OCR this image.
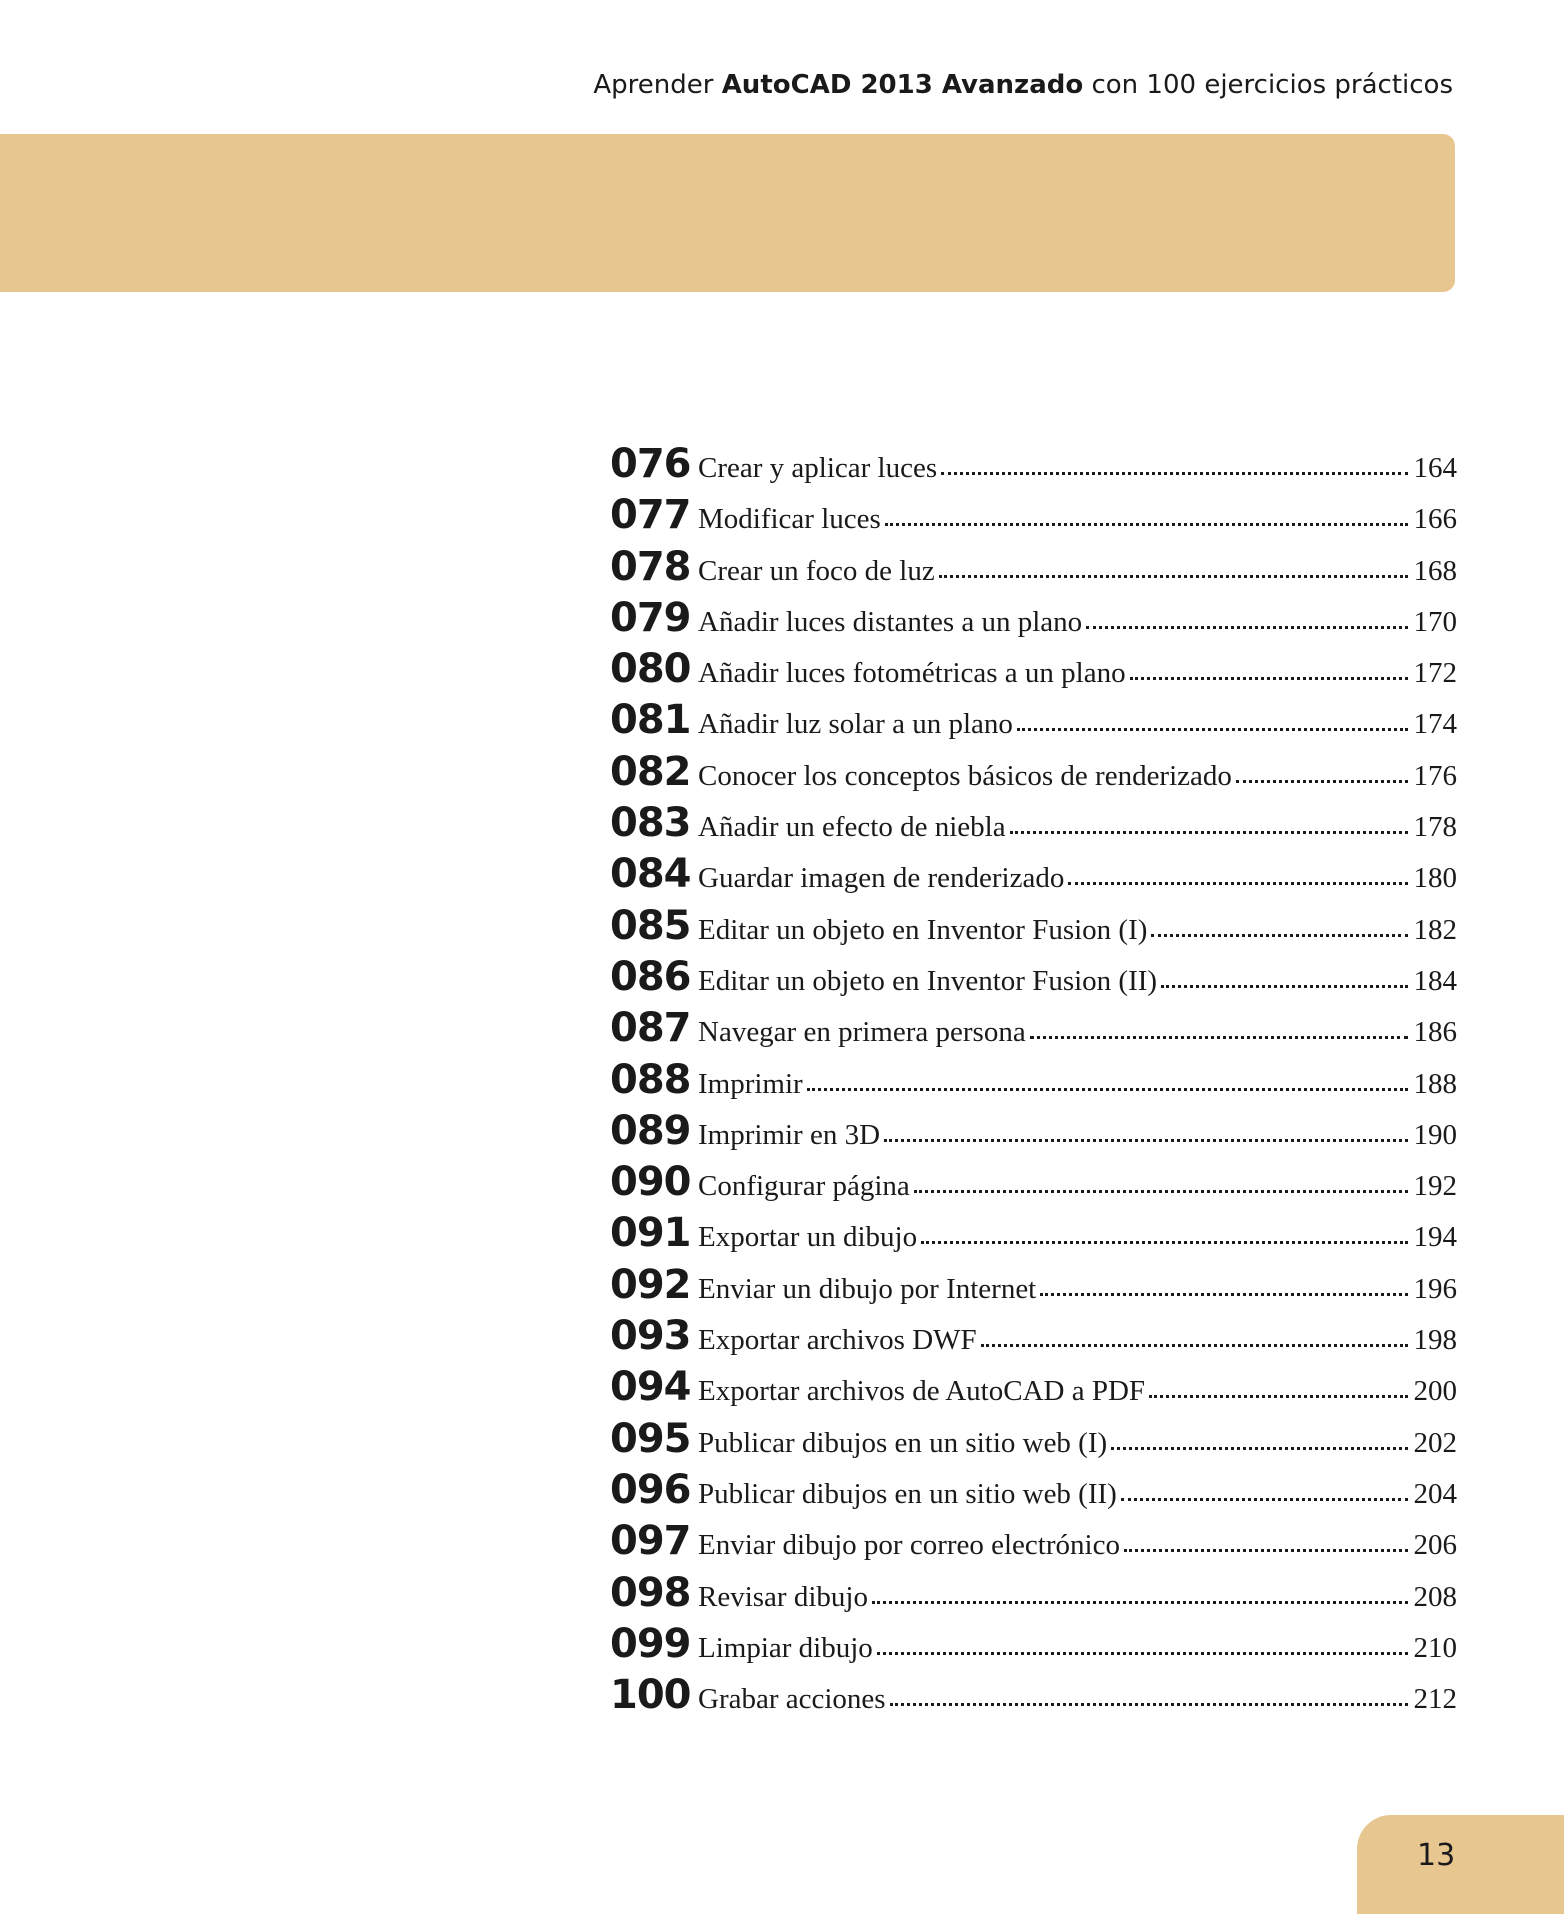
Aprender AutoCAD 2013 Avanzado con 100 ejercicios prácticos
076 Crear y aplicar luces	164
077 Modificar luces	166
078 Crear un foco de luz	168
079 Añadir luces distantes a un plano	170
080 Añadir luces fotométricas a un plano	172
081 Añadir luz solar a un plano	174
082 Conocer los conceptos básicos de renderizado	176
083 Añadir un efecto de niebla	178
084 Guardar imagen de renderizado	180
085 Editar un objeto en Inventor Fusion (I)	182
086 Editar un objeto en Inventor Fusion (II)	184
087 Navegar en primera persona	186
088 Imprimir	188
089 Imprimir en 3D	190
090 Configurar página	192
091 Exportar un dibujo	194
092 Enviar un dibujo por Internet	196
093 Exportar archivos DWF	198
094 Exportar archivos de AutoCAD a PDF	200
095 Publicar dibujos en un sitio web (I)	202
096 Publicar dibujos en un sitio web (II)	204
097 Enviar dibujo por correo electrónico	206
098 Revisar dibujo	208
099 Limpiar dibujo	210
100 Grabar acciones	212
13
